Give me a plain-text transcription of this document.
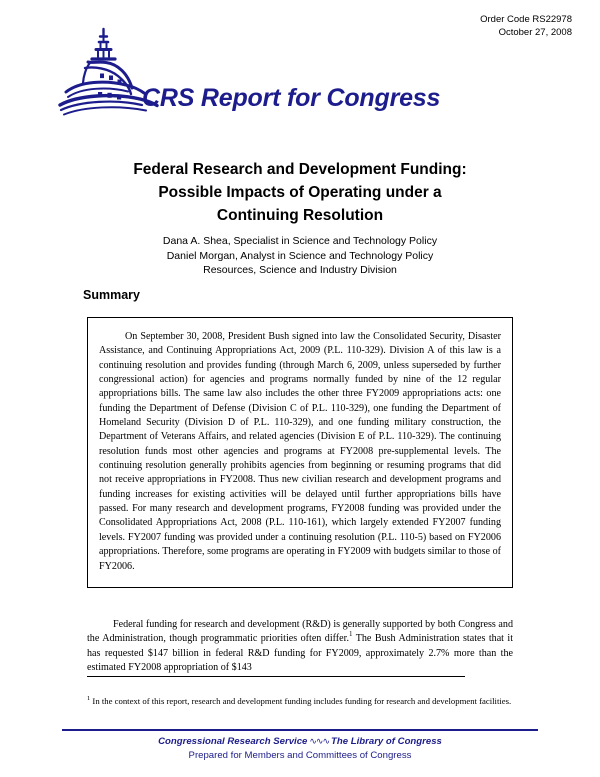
Order Code RS22978
October 27, 2008
CRS Report for Congress
Federal Research and Development Funding:
Possible Impacts of Operating under a
Continuing Resolution
Dana A. Shea, Specialist in Science and Technology Policy
Daniel Morgan, Analyst in Science and Technology Policy
Resources, Science and Industry Division
Summary
On September 30, 2008, President Bush signed into law the Consolidated Security, Disaster Assistance, and Continuing Appropriations Act, 2009 (P.L. 110-329). Division A of this law is a continuing resolution and provides funding (through March 6, 2009, unless superseded by further congressional action) for agencies and programs normally funded by nine of the 12 regular appropriations bills. The same law also includes the other three FY2009 appropriations acts: one funding the Department of Defense (Division C of P.L. 110-329), one funding the Department of Homeland Security (Division D of P.L. 110-329), and one funding military construction, the Department of Veterans Affairs, and related agencies (Division E of P.L. 110-329). The continuing resolution funds most other agencies and programs at FY2008 pre-supplemental levels. The continuing resolution generally prohibits agencies from beginning or resuming programs that did not receive appropriations in FY2008. Thus new civilian research and development programs and funding increases for existing activities will be delayed until further appropriations bills have passed. For many research and development programs, FY2008 funding was provided under the Consolidated Appropriations Act, 2008 (P.L. 110-161), which largely extended FY2007 funding levels. FY2007 funding was provided under a continuing resolution (P.L. 110-5) based on FY2006 appropriations. Therefore, some programs are operating in FY2009 with budgets similar to those of FY2006.

Federal funding for research and development (R&D) is generally supported by both Congress and the Administration, though programmatic priorities often differ.$^1$ The Bush Administration states that it has requested $147 billion in federal R&D funding for FY2009, approximately 2.7% more than the estimated FY2008 appropriation of $143

$^1$ In the context of this report, research and development funding includes funding for research and development facilities.

Congressional Research Service ∿∿∿ The Library of Congress
Prepared for Members and Committees of Congress
